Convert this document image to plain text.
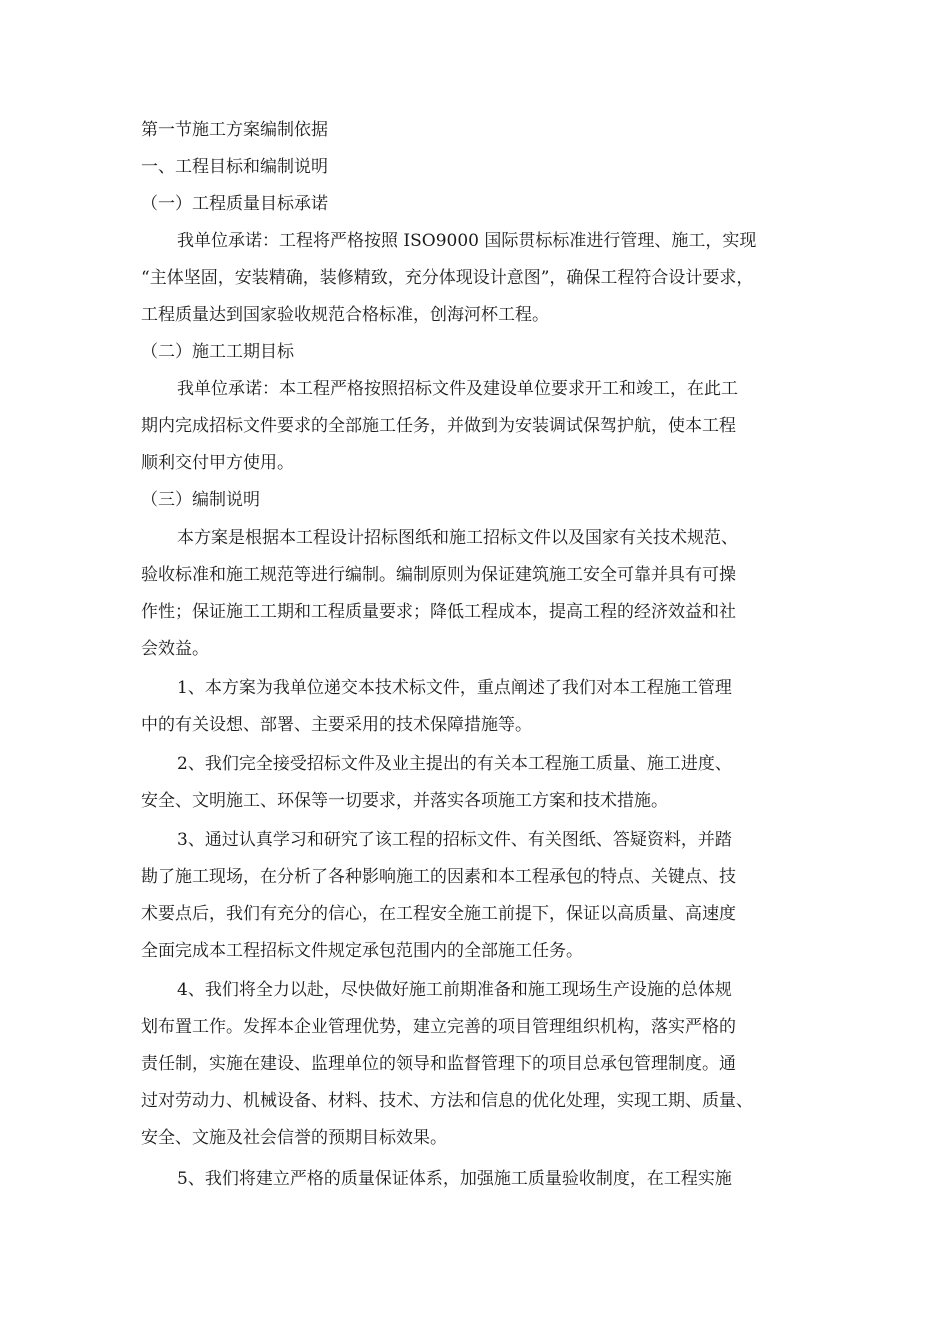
第一节施工方案编制依据
一、工程目标和编制说明
（一）工程质量目标承诺
我单位承诺：工程将严格按照 ISO9000 国际贯标标准进行管理、施工，实现
“主体坚固，安装精确，装修精致，充分体现设计意图”，确保工程符合设计要求，
工程质量达到国家验收规范合格标准，创海河杯工程。
（二）施工工期目标
我单位承诺：本工程严格按照招标文件及建设单位要求开工和竣工，在此工
期内完成招标文件要求的全部施工任务，并做到为安装调试保驾护航，使本工程
顺利交付甲方使用。
（三）编制说明
本方案是根据本工程设计招标图纸和施工招标文件以及国家有关技术规范、
验收标准和施工规范等进行编制。编制原则为保证建筑施工安全可靠并具有可操
作性；保证施工工期和工程质量要求；降低工程成本，提高工程的经济效益和社
会效益。
1、本方案为我单位递交本技术标文件，重点阐述了我们对本工程施工管理
中的有关设想、部署、主要采用的技术保障措施等。
2、我们完全接受招标文件及业主提出的有关本工程施工质量、施工进度、
安全、文明施工、环保等一切要求，并落实各项施工方案和技术措施。
3、通过认真学习和研究了该工程的招标文件、有关图纸、答疑资料，并踏
勘了施工现场，在分析了各种影响施工的因素和本工程承包的特点、关键点、技
术要点后，我们有充分的信心，在工程安全施工前提下，保证以高质量、高速度
全面完成本工程招标文件规定承包范围内的全部施工任务。
4、我们将全力以赴，尽快做好施工前期准备和施工现场生产设施的总体规
划布置工作。发挥本企业管理优势，建立完善的项目管理组织机构，落实严格的
责任制，实施在建设、监理单位的领导和监督管理下的项目总承包管理制度。通
过对劳动力、机械设备、材料、技术、方法和信息的优化处理，实现工期、质量、
安全、文施及社会信誉的预期目标效果。
5、我们将建立严格的质量保证体系，加强施工质量验收制度，在工程实施
